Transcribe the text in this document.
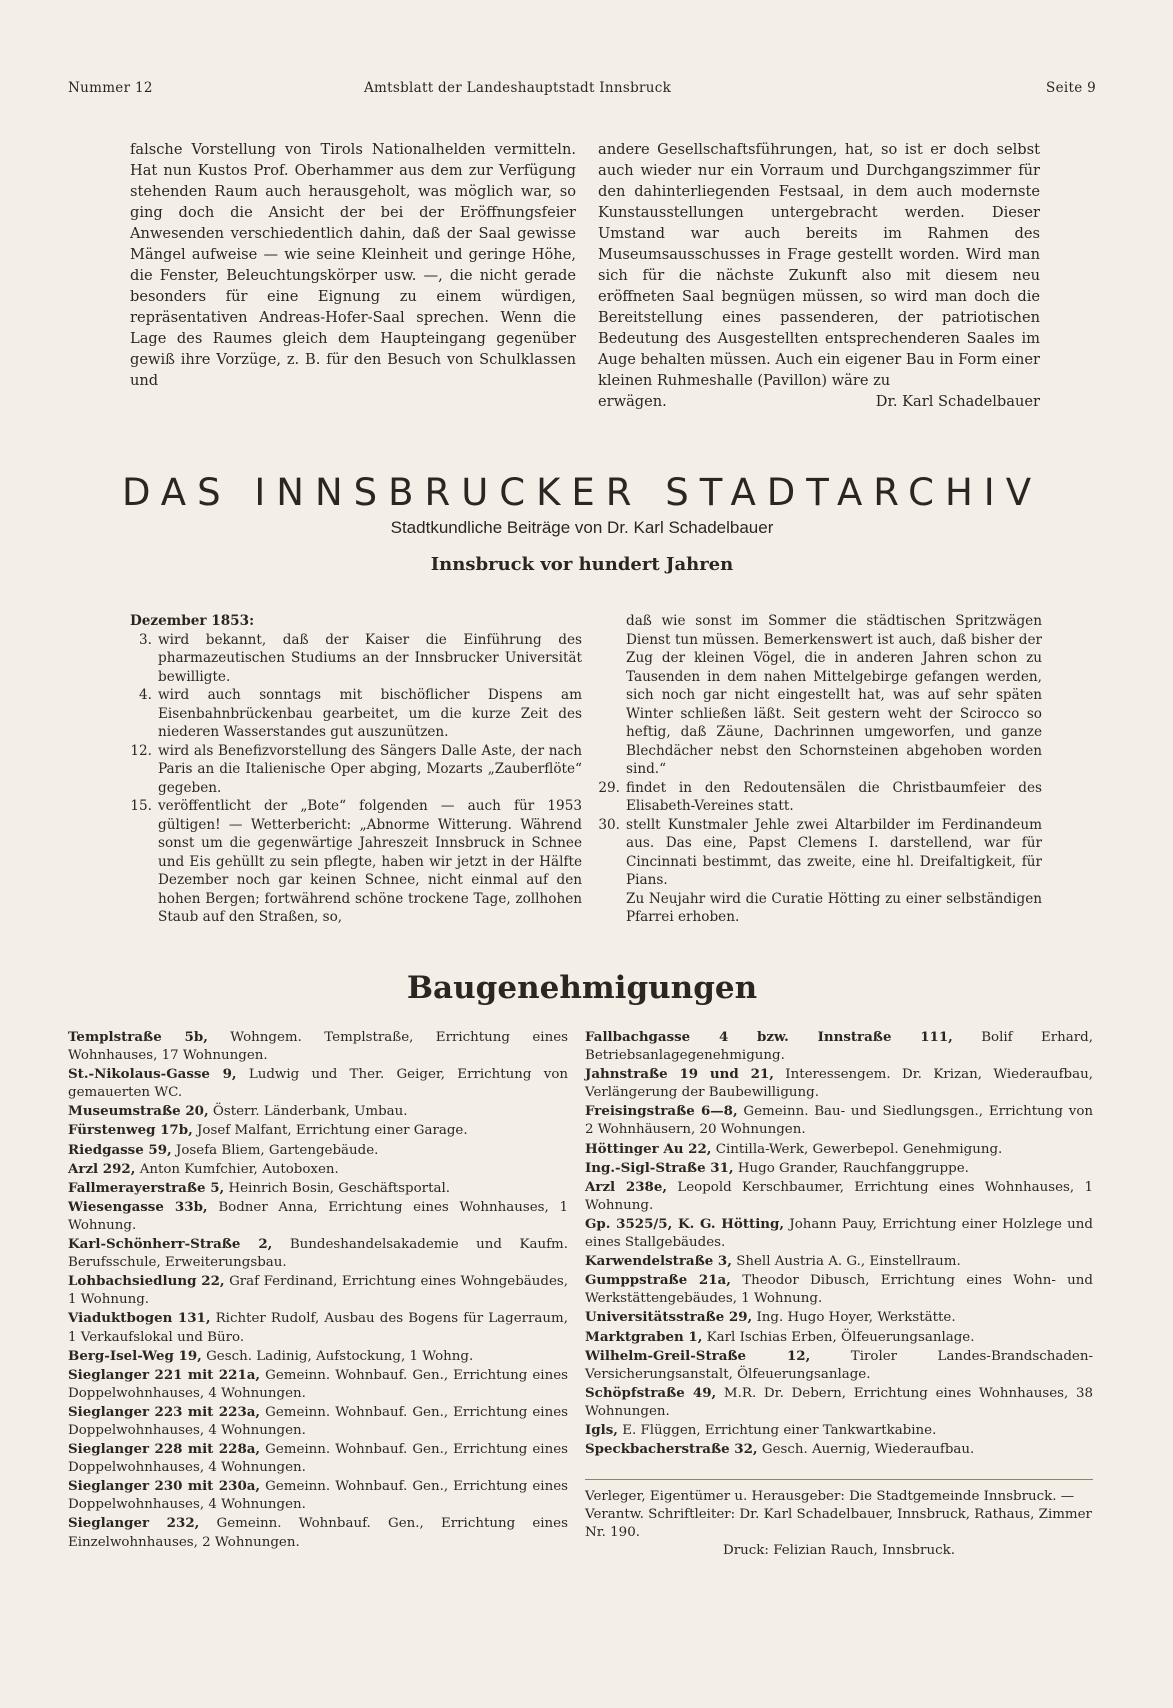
Nummer 12	Amtsblatt der Landeshauptstadt Innsbruck	Seite 9

falsche Vorstellung von Tirols Nationalhelden vermitteln. Hat nun Kustos Prof. Oberhammer aus dem zur Verfügung stehenden Raum auch herausgeholt, was möglich war, so ging doch die Ansicht der bei der Eröffnungsfeier Anwesenden verschiedentlich dahin, daß der Saal gewisse Mängel aufweise — wie seine Kleinheit und geringe Höhe, die Fenster, Beleuchtungskörper usw. —, die nicht gerade besonders für eine Eignung zu einem würdigen, repräsentativen Andreas-Hofer-Saal sprechen. Wenn die Lage des Raumes gleich dem Haupteingang gegenüber gewiß ihre Vorzüge, z. B. für den Besuch von Schulklassen und

andere Gesellschaftsführungen, hat, so ist er doch selbst auch wieder nur ein Vorraum und Durchgangszimmer für den dahinterliegenden Festsaal, in dem auch modernste Kunstausstellungen untergebracht werden. Dieser Umstand war auch bereits im Rahmen des Museumsausschusses in Frage gestellt worden. Wird man sich für die nächste Zukunft also mit diesem neu eröffneten Saal begnügen müssen, so wird man doch die Bereitstellung eines passenderen, der patriotischen Bedeutung des Ausgestellten entsprechenderen Saales im Auge behalten müssen. Auch ein eigener Bau in Form einer kleinen Ruhmeshalle (Pavillon) wäre zu

erwägen.	Dr. Karl Schadelbauer
DAS INNSBRUCKER STADTARCHIV
Stadtkundliche Beiträge von Dr. Karl Schadelbauer
Innsbruck vor hundert Jahren

Dezember 1853:

3. wird bekannt, daß der Kaiser die Einführung des pharmazeutischen Studiums an der Innsbrucker Universität bewilligte.
4. wird auch sonntags mit bischöflicher Dispens am Eisenbahnbrückenbau gearbeitet, um die kurze Zeit des niederen Wasserstandes gut auszunützen.
12. wird als Benefizvorstellung des Sängers Dalle Aste, der nach Paris an die Italienische Oper abging, Mozarts „Zauberflöte“ gegeben.
15. veröffentlicht der „Bote“ folgenden — auch für 1953 gültigen! — Wetterbericht: „Abnorme Witterung. Während sonst um die gegenwärtige Jahreszeit Innsbruck in Schnee und Eis gehüllt zu sein pflegte, haben wir jetzt in der Hälfte Dezember noch gar keinen Schnee, nicht einmal auf den hohen Bergen; fortwährend schöne trockene Tage, zollhohen Staub auf den Straßen, so,
daß wie sonst im Sommer die städtischen Spritzwägen Dienst tun müssen. Bemerkenswert ist auch, daß bisher der Zug der kleinen Vögel, die in anderen Jahren schon zu Tausenden in dem nahen Mittelgebirge gefangen werden, sich noch gar nicht eingestellt hat, was auf sehr späten Winter schließen läßt. Seit gestern weht der Scirocco so heftig, daß Zäune, Dachrinnen umgeworfen, und ganze Blechdächer nebst den Schornsteinen abgehoben worden sind.“
29. findet in den Redoutensälen die Christbaumfeier des Elisabeth-Vereines statt.
30. stellt Kunstmaler Jehle zwei Altarbilder im Ferdinandeum aus. Das eine, Papst Clemens I. darstellend, war für Cincinnati bestimmt, das zweite, eine hl. Dreifaltigkeit, für Pians.
Zu Neujahr wird die Curatie Hötting zu einer selbständigen Pfarrei erhoben.
Baugenehmigungen

Templstraße 5b, Wohngem. Templstraße, Errichtung eines Wohnhauses, 17 Wohnungen.

St.-Nikolaus-Gasse 9, Ludwig und Ther. Geiger, Errichtung von gemauerten WC.

Museumstraße 20, Österr. Länderbank, Umbau.

Fürstenweg 17b, Josef Malfant, Errichtung einer Garage.

Riedgasse 59, Josefa Bliem, Gartengebäude.

Arzl 292, Anton Kumfchier, Autoboxen.

Fallmerayerstraße 5, Heinrich Bosin, Geschäftsportal.

Wiesengasse 33b, Bodner Anna, Errichtung eines Wohnhauses, 1 Wohnung.

Karl-Schönherr-Straße 2, Bundeshandelsakademie und Kaufm. Berufsschule, Erweiterungsbau.

Lohbachsiedlung 22, Graf Ferdinand, Errichtung eines Wohngebäudes, 1 Wohnung.

Viaduktbogen 131, Richter Rudolf, Ausbau des Bogens für Lagerraum, 1 Verkaufslokal und Büro.

Berg-Isel-Weg 19, Gesch. Ladinig, Aufstockung, 1 Wohng.

Sieglanger 221 mit 221a, Gemeinn. Wohnbauf. Gen., Errichtung eines Doppelwohnhauses, 4 Wohnungen.

Sieglanger 223 mit 223a, Gemeinn. Wohnbauf. Gen., Errichtung eines Doppelwohnhauses, 4 Wohnungen.

Sieglanger 228 mit 228a, Gemeinn. Wohnbauf. Gen., Errichtung eines Doppelwohnhauses, 4 Wohnungen.

Sieglanger 230 mit 230a, Gemeinn. Wohnbauf. Gen., Errichtung eines Doppelwohnhauses, 4 Wohnungen.

Sieglanger 232, Gemeinn. Wohnbauf. Gen., Errichtung eines Einzelwohnhauses, 2 Wohnungen.

Fallbachgasse 4 bzw. Innstraße 111, Bolif Erhard, Betriebsanlagegenehmigung.

Jahnstraße 19 und 21, Interessengem. Dr. Krizan, Wiederaufbau, Verlängerung der Baubewilligung.

Freisingstraße 6—8, Gemeinn. Bau- und Siedlungsgen., Errichtung von 2 Wohnhäusern, 20 Wohnungen.

Höttinger Au 22, Cintilla-Werk, Gewerbepol. Genehmigung.

Ing.-Sigl-Straße 31, Hugo Grander, Rauchfanggruppe.

Arzl 238e, Leopold Kerschbaumer, Errichtung eines Wohnhauses, 1 Wohnung.

Gp. 3525/5, K. G. Hötting, Johann Pauy, Errichtung einer Holzlege und eines Stallgebäudes.

Karwendelstraße 3, Shell Austria A. G., Einstellraum.

Gumppstraße 21a, Theodor Dibusch, Errichtung eines Wohn- und Werkstättengebäudes, 1 Wohnung.

Universitätsstraße 29, Ing. Hugo Hoyer, Werkstätte.

Marktgraben 1, Karl Ischias Erben, Ölfeuerungsanlage.

Wilhelm-Greil-Straße 12,	Tiroler Landes-Brandschaden-Versicherungsanstalt, Ölfeuerungsanlage.

Schöpfstraße 49, M.R. Dr. Debern, Errichtung eines Wohnhauses, 38 Wohnungen.

Igls, E. Flüggen, Errichtung einer Tankwartkabine.

Speckbacherstraße 32, Gesch. Auernig, Wiederaufbau.

Verleger, Eigentümer u. Herausgeber: Die Stadtgemeinde Innsbruck. — Verantw. Schriftleiter: Dr. Karl Schadelbauer, Innsbruck, Rathaus, Zimmer Nr. 190.

Druck: Felizian Rauch, Innsbruck.
